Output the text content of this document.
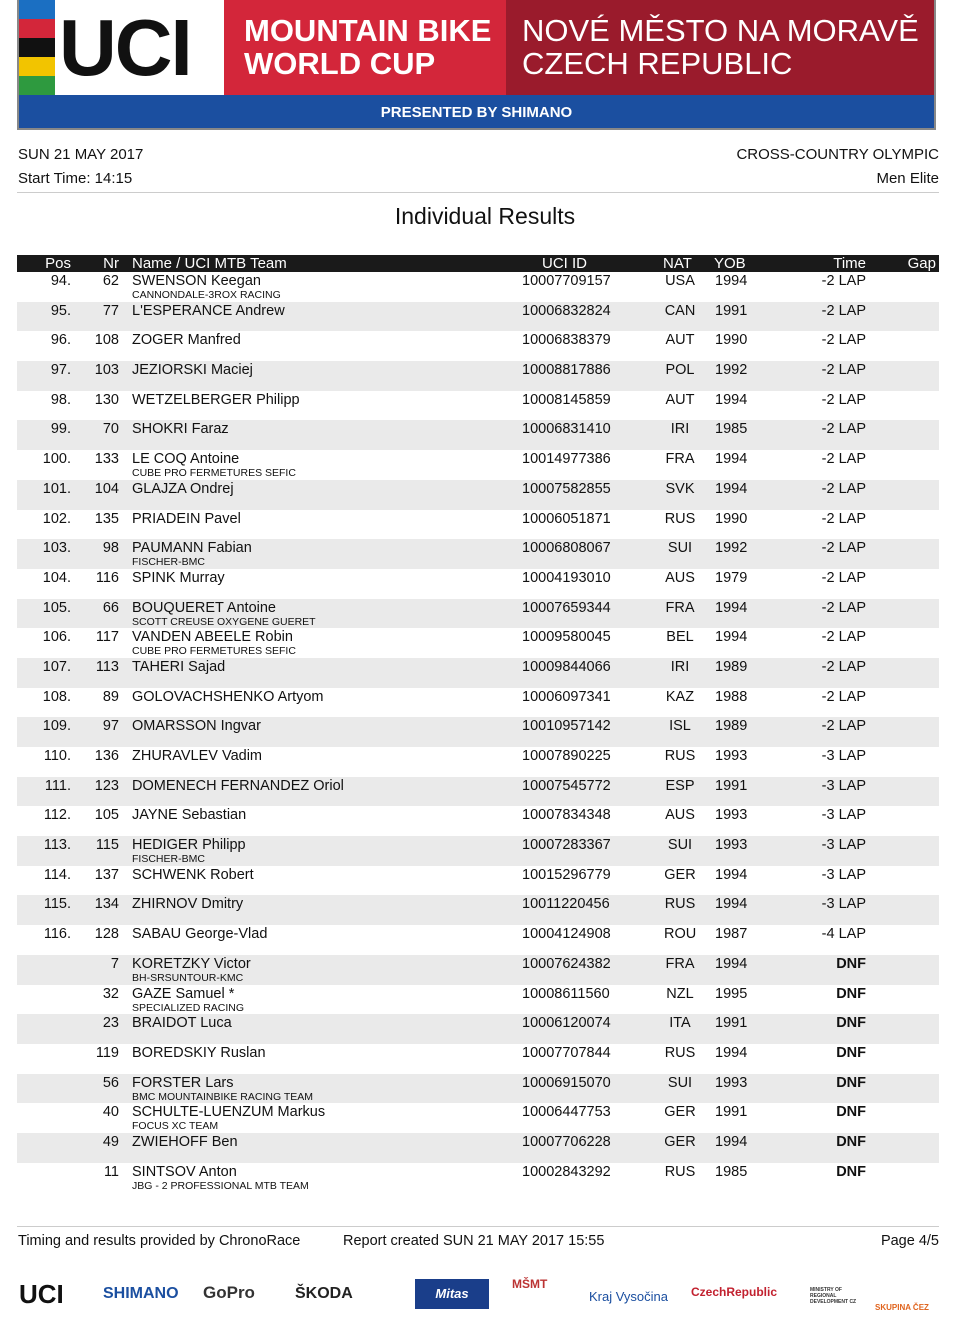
UCI MOUNTAIN BIKE
WORLD CUP
NOVÉ MĚSTO NA MORAVĚ
CZECH REPUBLIC
PRESENTED BY SHIMANO
SUN 21 MAY 2017
Start Time: 14:15
CROSS-COUNTRY OLYMPIC
Men Elite
Individual Results
Pos Nr Name / UCI MTB Team	UCI ID	NAT YOB	Time	Gap
94. 62 SWENSON Keegan	10007709157	USA 1994	-2 LAP
CANNONDALE-3ROX RACING
95. 77 L'ESPERANCE Andrew	10006832824	CAN 1991	-2 LAP
96. 108 ZOGER Manfred	10006838379	AUT 1990	-2 LAP
97. 103 JEZIORSKI Maciej	10008817886	POL 1992	-2 LAP
98. 130 WETZELBERGER Philipp	10008145859	AUT 1994	-2 LAP
99. 70 SHOKRI Faraz	10006831410	IRI	1985	-2 LAP
100. 133 LE COQ Antoine	10014977386	FRA 1994	-2 LAP
CUBE PRO FERMETURES SEFIC
101. 104 GLAJZA Ondrej	10007582855	SVK 1994	-2 LAP
102. 135 PRIADEIN Pavel	10006051871	RUS 1990	-2 LAP
103. 98 PAUMANN Fabian	10006808067	SUI 1992	-2 LAP
FISCHER-BMC
104. 116 SPINK Murray	10004193010	AUS 1979	-2 LAP
105. 66 BOUQUERET Antoine	10007659344	FRA 1994	-2 LAP
SCOTT CREUSE OXYGENE GUERET
106. 117 VANDEN ABEELE Robin	10009580045	BEL 1994	-2 LAP
CUBE PRO FERMETURES SEFIC
107. 113 TAHERI Sajad	10009844066	IRI	1989	-2 LAP
108. 89 GOLOVACHSHENKO Artyom	10006097341	KAZ 1988	-2 LAP
109. 97 OMARSSON Ingvar	10010957142	ISL	1989	-2 LAP
110. 136 ZHURAVLEV Vadim	10007890225	RUS 1993	-3 LAP
111. 123 DOMENECH FERNANDEZ Oriol	10007545772	ESP 1991	-3 LAP
112. 105 JAYNE Sebastian	10007834348	AUS 1993	-3 LAP
113. 115 HEDIGER Philipp	10007283367	SUI 1993	-3 LAP
FISCHER-BMC
114. 137 SCHWENK Robert	10015296779	GER 1994	-3 LAP
115. 134 ZHIRNOV Dmitry	10011220456	RUS 1994	-3 LAP
116. 128 SABAU George-Vlad	10004124908	ROU 1987	-4 LAP
7 KORETZKY Victor	10007624382	FRA 1994	DNF
BH-SRSUNTOUR-KMC
32 GAZE Samuel *	10008611560	NZL 1995	DNF
SPECIALIZED RACING
23 BRAIDOT Luca	10006120074	ITA	1991	DNF
119 BOREDSKIY Ruslan	10007707844	RUS 1994	DNF
56 FORSTER Lars	10006915070	SUI 1993	DNF
BMC MOUNTAINBIKE RACING TEAM
40 SCHULTE-LUENZUM Markus	10006447753	GER 1991	DNF
FOCUS XC TEAM
49 ZWIEHOFF Ben	10007706228	GER 1994	DNF
11 SINTSOV Anton	10002843292	RUS 1985	DNF
JBG - 2 PROFESSIONAL MTB TEAM
Timing and results provided by ChronoRace	Report created SUN 21 MAY 2017 15:55	Page 4/5
UCI SHIMANO GoPro	ŠKODA	Mitas
MŠMT
Kraj Vysočina CzechRepublic	MINISTRY OF REGIONAL DEVELOPMENT CZ
SKUPINA ČEZ
